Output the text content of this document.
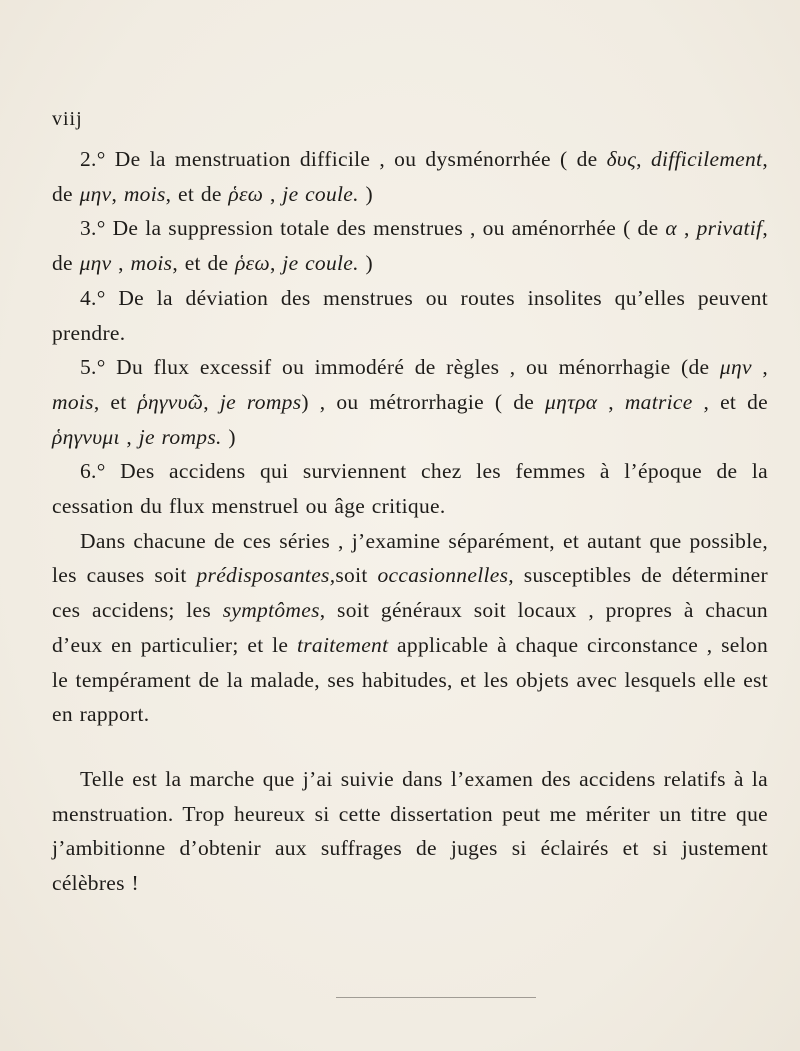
viij

2.° De la menstruation difficile , ou dysménorrhée ( de δυς, difficilement, de μην, mois, et de ῥεω , je coule. )

3.° De la suppression totale des menstrues , ou aménorrhée ( de α , privatif, de μην , mois, et de ῥεω, je coule. )

4.° De la déviation des menstrues ou routes insolites qu’elles peuvent prendre.

5.° Du flux excessif ou immodéré de règles , ou ménorrhagie (de μην , mois, et ῥηγνυῶ, je romps) , ou métrorrhagie ( de μητρα , matrice , et de ῥηγνυμι , je romps. )

6.° Des accidens qui surviennent chez les femmes à l’époque de la cessation du flux menstruel ou âge critique.

Dans chacune de ces séries , j’examine séparément, et autant que possible, les causes soit prédisposantes,soit occasionnelles, susceptibles de déterminer ces accidens; les symptômes, soit généraux soit locaux , propres à chacun d’eux en particulier; et le traitement applicable à chaque circonstance , selon le tempérament de la malade, ses habitudes, et les objets avec lesquels elle est en rapport.

Telle est la marche que j’ai suivie dans l’examen des accidens relatifs à la menstruation. Trop heureux si cette dissertation peut me mériter un titre que j’ambitionne d’obtenir aux suffrages de juges si éclairés et si justement célèbres !
